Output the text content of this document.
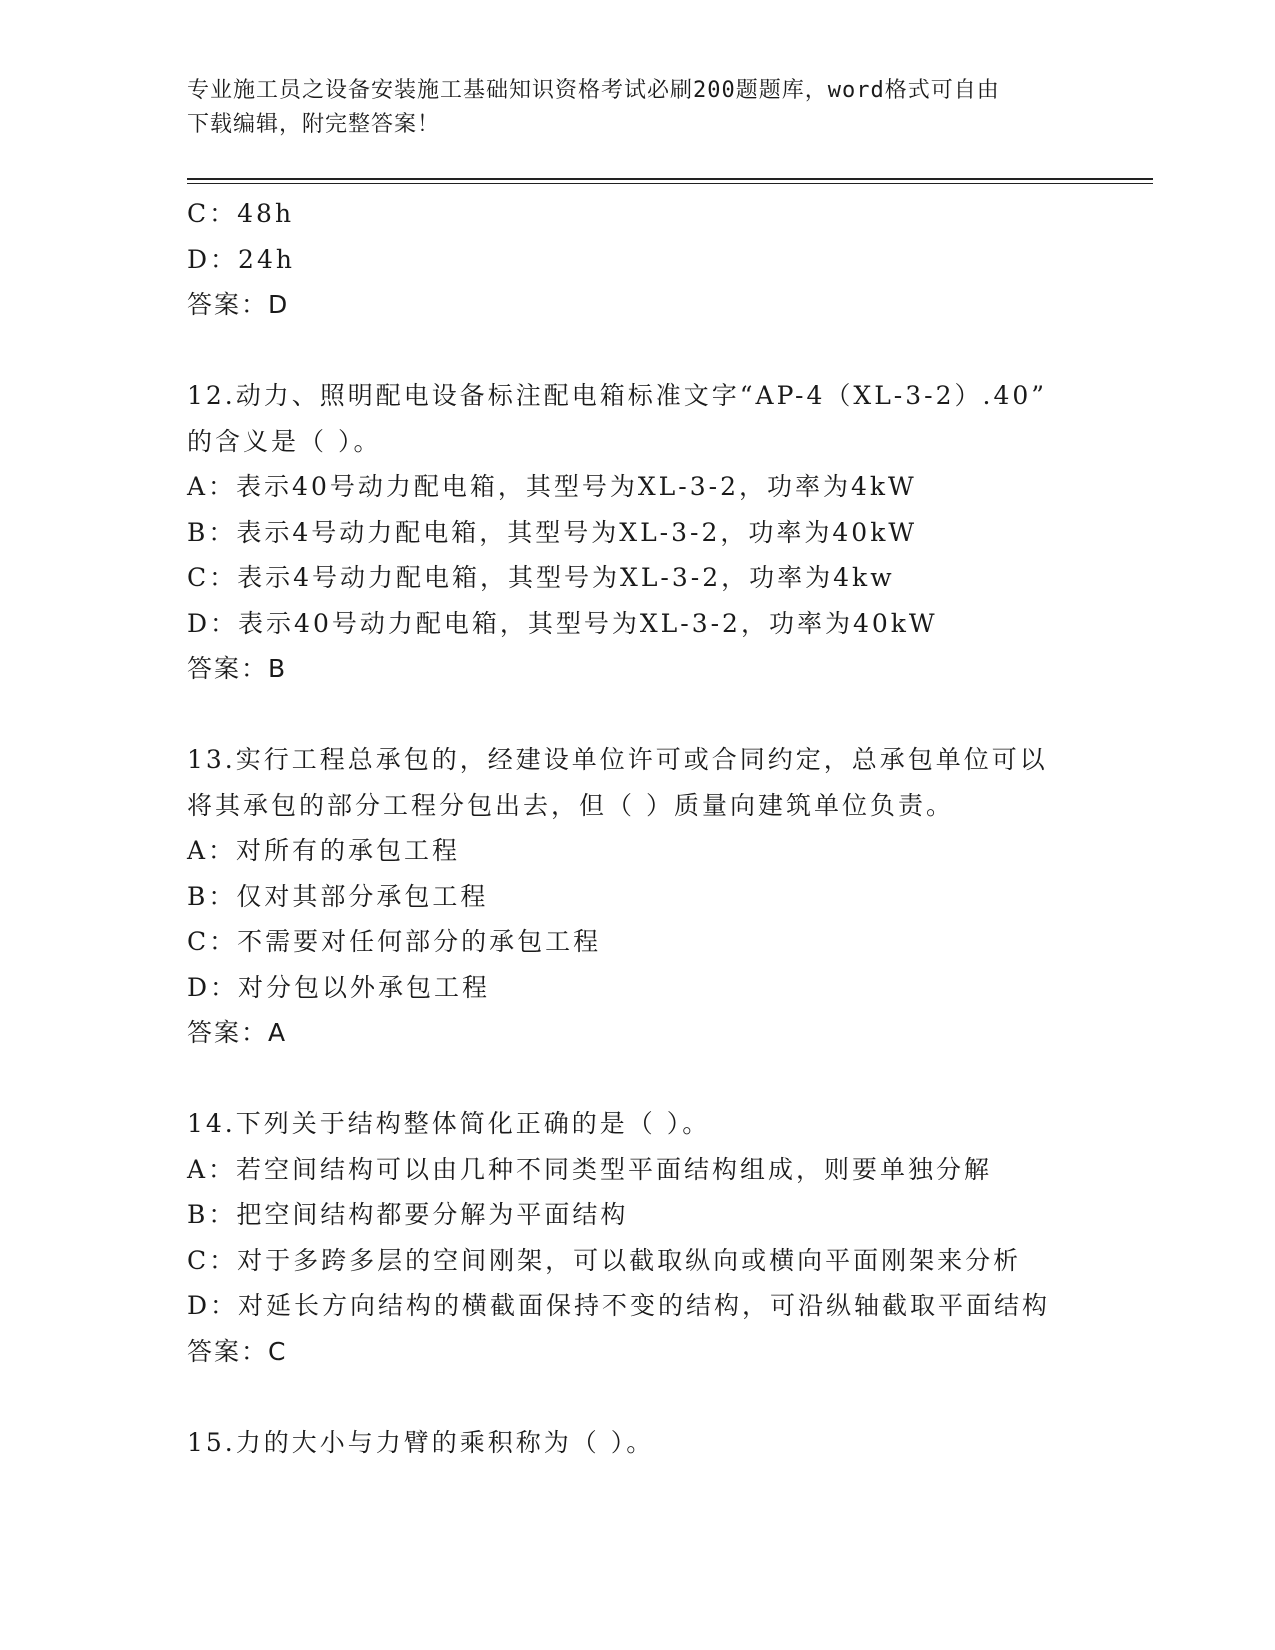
专业施工员之设备安装施工基础知识资格考试必刷200题题库，word格式可自由
下载编辑，附完整答案！
C：48h
D：24h
答案：D
12.动力、照明配电设备标注配电箱标准文字“AP-4（XL-3-2）.40”
的含义是（ ）。
A：表示40号动力配电箱，其型号为XL-3-2，功率为4kW
B：表示4号动力配电箱，其型号为XL-3-2，功率为40kW
C：表示4号动力配电箱，其型号为XL-3-2，功率为4kw
D：表示40号动力配电箱，其型号为XL-3-2，功率为40kW
答案：B
13.实行工程总承包的，经建设单位许可或合同约定，总承包单位可以
将其承包的部分工程分包出去，但（ ）质量向建筑单位负责。
A：对所有的承包工程
B：仅对其部分承包工程
C：不需要对任何部分的承包工程
D：对分包以外承包工程
答案：A
14.下列关于结构整体简化正确的是（ ）。
A：若空间结构可以由几种不同类型平面结构组成，则要单独分解
B：把空间结构都要分解为平面结构
C：对于多跨多层的空间刚架，可以截取纵向或横向平面刚架来分析
D：对延长方向结构的横截面保持不变的结构，可沿纵轴截取平面结构
答案：C
15.力的大小与力臂的乘积称为（ ）。
